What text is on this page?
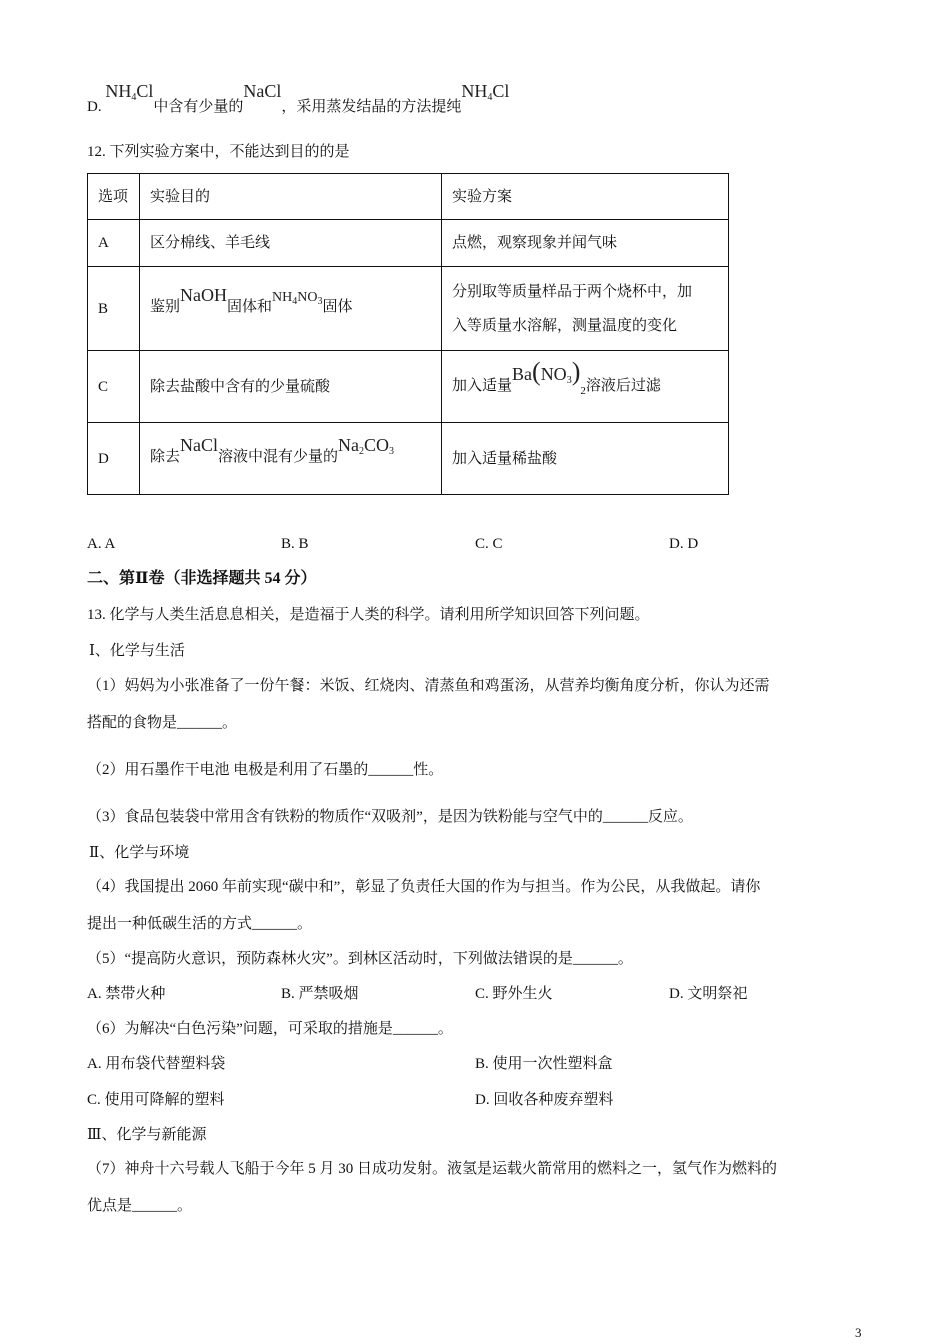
D. $NH_4Cl$中含有少量的NaCl，采用蒸发结晶的方法提纯$NH_4Cl$
12. 下列实验方案中，不能达到目的的是
选项	实验目的	实验方案
A	区分棉线、羊毛线	点燃，观察现象并闻气味
B	鉴别NaOH固体和$NH_4NO_3$固体	分别取等质量样品于两个烧杯中，加
入等质量水溶解，测量温度的变化

C	除去盐酸中含有的少量硫酸	加入适量$Ba(NO_3)_2$溶液后过滤
D	除去NaCl溶液中混有少量的$Na_2CO_3$	加入适量稀盐酸
A. A	B. B	C. C	D. D
二、第Ⅱ卷（非选择题共 54 分）
13. 化学与人类生活息息相关，是造福于人类的科学。请利用所学知识回答下列问题。
Ⅰ、化学与生活
（1）妈妈为小张准备了一份午餐：米饭、红烧肉、清蒸鱼和鸡蛋汤，从营养均衡角度分析，你认为还需
搭配的食物是______。
（2）用石墨作干电池 电极是利用了石墨的______性。
（3）食品包装袋中常用含有铁粉的物质作“双吸剂”，是因为铁粉能与空气中的______反应。
Ⅱ、化学与环境
（4）我国提出 2060 年前实现“碳中和”，彰显了负责任大国的作为与担当。作为公民，从我做起。请你
提出一种低碳生活的方式______。
（5）“提高防火意识，预防森林火灾”。到林区活动时，下列做法错误的是______。
A. 禁带火种	B. 严禁吸烟	C. 野外生火	D. 文明祭祀
（6）为解决“白色污染”问题，可采取的措施是______。
A. 用布袋代替塑料袋	B. 使用一次性塑料盒
C. 使用可降解的塑料	D. 回收各种废弃塑料
Ⅲ、化学与新能源
（7）神舟十六号载人飞船于今年 5 月 30 日成功发射。液氢是运载火箭常用的燃料之一，氢气作为燃料的
优点是______。
3
